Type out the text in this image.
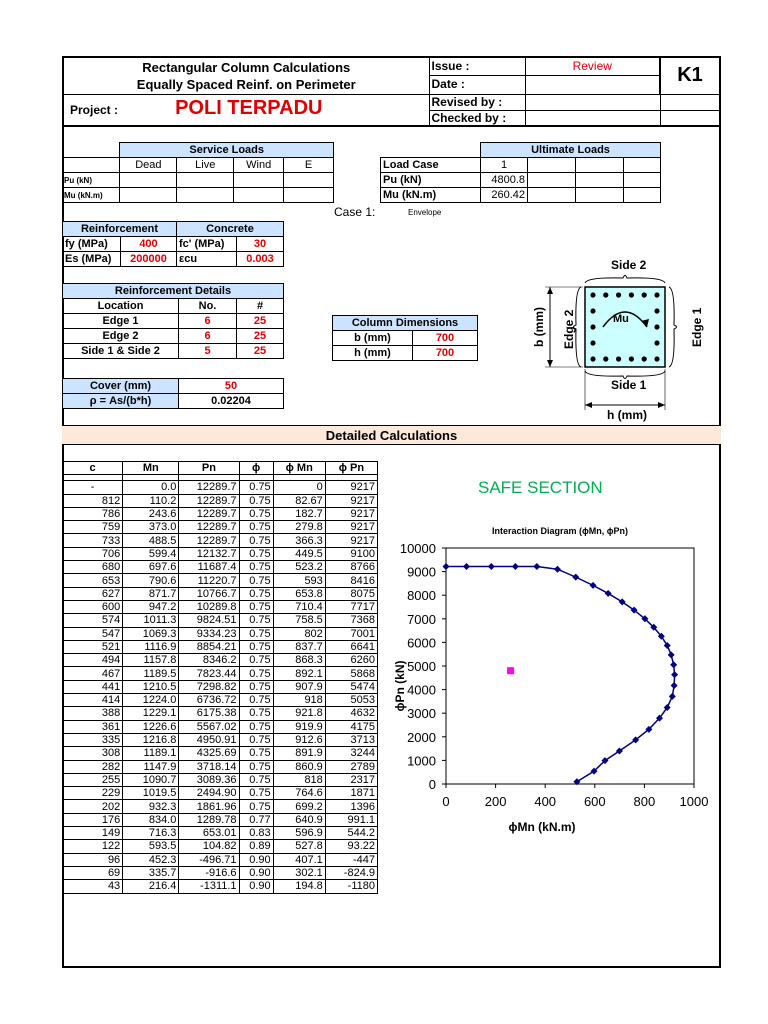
Rectangular Column Calculations
Equally Spaced Reinf. on Perimeter	Issue :	Review	K1
	Date :		
Project : POLI TERPADU	Revised by :		
	Checked by :		
	Service Loads			
	Dead	Live	Wind	E
Pu (kN)				
Mu (kN.m)				
	Ultimate Loads			
Load Case	1			
Pu (kN)	4800.8			
Mu (kN.m)	260.42			
Case 1:	Envelope
Reinforcement		Concrete	
fy (MPa)	400	fc' (MPa)	30
Es (MPa)	200000	εcu	0.003
Reinforcement Details		
Location	No.	#
Edge 1	6	25
Edge 2	6	25
Side 1 & Side 2	5	25
Column Dimensions	
b (mm)	700
h (mm)	700
Cover (mm)	50
ρ = As/(b*h)	0.02204
Mu
Side 2
Side 1
Edge 2	Edge 1
b (mm)
h (mm)
Detailed Calculations
c	Mn	Pn	ϕ	ϕ Mn	ϕ Pn

-	0.0	12289.7	0.75	0	9217
812	110.2	12289.7	0.75	82.67	9217
786	243.6	12289.7	0.75	182.7	9217
759	373.0	12289.7	0.75	279.8	9217
733	488.5	12289.7	0.75	366.3	9217
706	599.4	12132.7	0.75	449.5	9100
680	697.6	11687.4	0.75	523.2	8766
653	790.6	11220.7	0.75	593	8416
627	871.7	10766.7	0.75	653.8	8075
600	947.2	10289.8	0.75	710.4	7717
574	1011.3	9824.51	0.75	758.5	7368
547	1069.3	9334.23	0.75	802	7001
521	1116.9	8854.21	0.75	837.7	6641
494	1157.8	8346.2	0.75	868.3	6260
467	1189.5	7823.44	0.75	892.1	5868
441	1210.5	7298.82	0.75	907.9	5474
414	1224.0	6736.72	0.75	918	5053
388	1229.1	6175.38	0.75	921.8	4632
361	1226.6	5567.02	0.75	919.9	4175
335	1216.8	4950.91	0.75	912.6	3713
308	1189.1	4325.69	0.75	891.9	3244
282	1147.9	3718.14	0.75	860.9	2789
255	1090.7	3089.36	0.75	818	2317
229	1019.5	2494.90	0.75	764.6	1871
202	932.3	1861.96	0.75	699.2	1396
176	834.0	1289.78	0.77	640.9	991.1
149	716.3	653.01	0.83	596.9	544.2
122	593.5	104.82	0.89	527.8	93.22
96	452.3	-496.71	0.90	407.1	-447
69	335.7	-916.6	0.90	302.1	-824.9
43	216.4	-1311.1	0.90	194.8	-1180
SAFE SECTION
Interaction Diagram (ϕMn, ϕPn)
0
1000
2000
3000
4000
5000
6000
7000
8000
9000
10000
0	200 400 600 800 1000
ϕMn (kN.m)
ϕPn (kN)
